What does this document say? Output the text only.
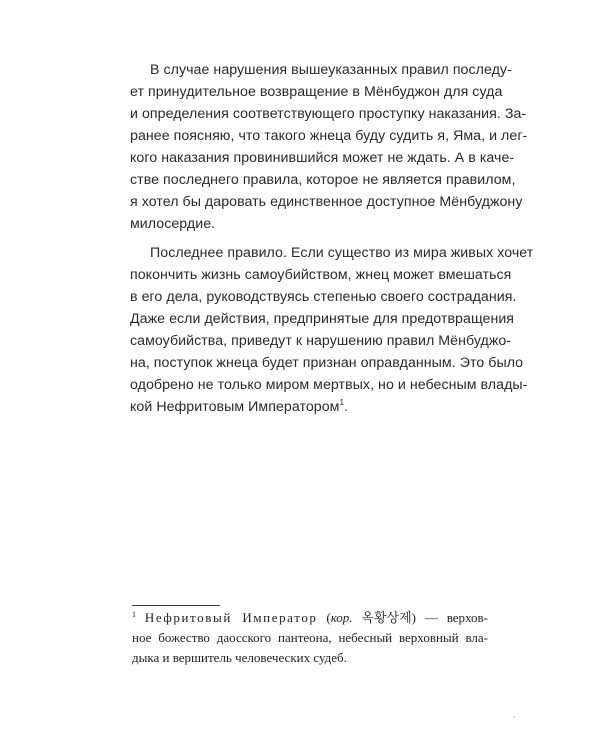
В случае нарушения вышеуказанных правил последу-
ет принудительное возвращение в Мёнбуджон для суда
и определения соответствующего проступку наказания. За-
ранее поясняю, что такого жнеца буду судить я, Яма, и лег-
кого наказания провинившийся может не ждать. А в каче-
стве последнего правила, которое не является правилом,
я хотел бы даровать единственное доступное Мёнбуджону
милосердие.
Последнее правило. Если существо из мира живых хочет
покончить жизнь самоубийством, жнец может вмешаться
в его дела, руководствуясь степенью своего сострадания.
Даже если действия, предпринятые для предотвращения
самоубийства, приведут к нарушению правил Мёнбуджо-
на, поступок жнеца будет признан оправданным. Это было
одобрено не только миром мертвых, но и небесным влады-
кой Нефритовым Императором$^1$.
$^1$ Нефритовый Император (кор. 옥황상제) — верхов-
ное божество даосского пантеона, небесный верховный вла-
дыка и вершитель человеческих судеб.
